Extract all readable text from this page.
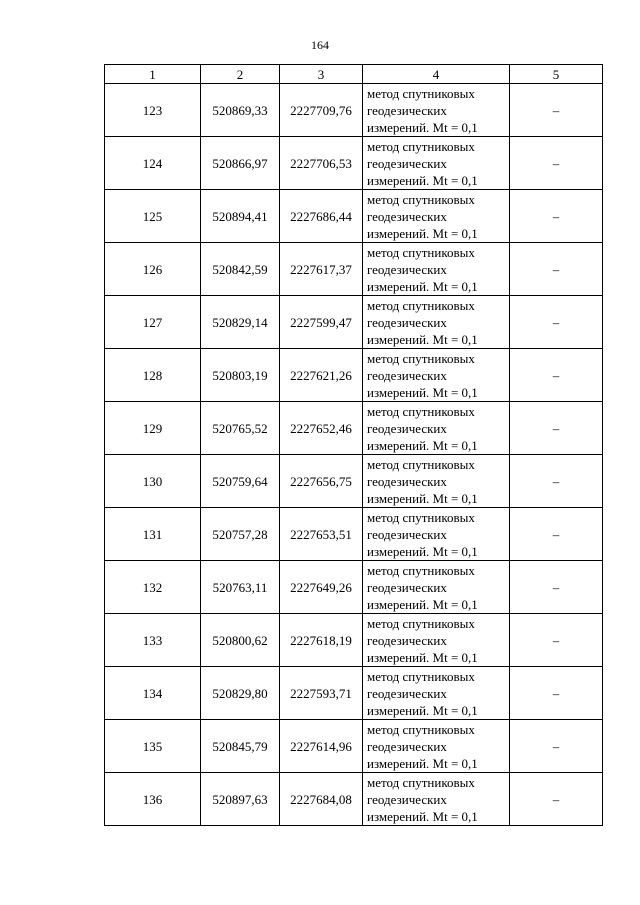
164
1	2	3	4	5
123	520869,33	2227709,76	метод спутниковых
геодезических
измерений. Mt = 0,1	–
124	520866,97	2227706,53	метод спутниковых
геодезических
измерений. Mt = 0,1	–
125	520894,41	2227686,44	метод спутниковых
геодезических
измерений. Mt = 0,1	–
126	520842,59	2227617,37	метод спутниковых
геодезических
измерений. Mt = 0,1	–
127	520829,14	2227599,47	метод спутниковых
геодезических
измерений. Mt = 0,1	–
128	520803,19	2227621,26	метод спутниковых
геодезических
измерений. Mt = 0,1	–
129	520765,52	2227652,46	метод спутниковых
геодезических
измерений. Mt = 0,1	–
130	520759,64	2227656,75	метод спутниковых
геодезических
измерений. Mt = 0,1	–
131	520757,28	2227653,51	метод спутниковых
геодезических
измерений. Mt = 0,1	–
132	520763,11	2227649,26	метод спутниковых
геодезических
измерений. Mt = 0,1	–
133	520800,62	2227618,19	метод спутниковых
геодезических
измерений. Mt = 0,1	–
134	520829,80	2227593,71	метод спутниковых
геодезических
измерений. Mt = 0,1	–
135	520845,79	2227614,96	метод спутниковых
геодезических
измерений. Mt = 0,1	–
136	520897,63	2227684,08	метод спутниковых
геодезических
измерений. Mt = 0,1	–
